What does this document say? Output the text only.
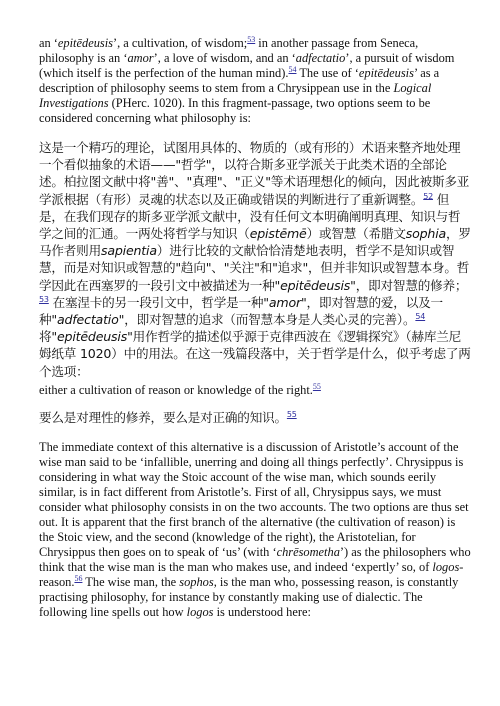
an ‘epitēdeusis’, a cultivation, of wisdom;$^{53}$ in another passage from Seneca, philosophy is an ‘amor’, a love of wisdom, and an ‘adfectatio’, a pursuit of wisdom (which itself is the perfection of the human mind).$^{54}$ The use of ‘epitēdeusis’ as a description of philosophy seems to stem from a Chrysippean use in the Logical Investigations (PHerc. 1020). In this fragment-passage, two options seem to be considered concerning what philosophy is:
这是一个精巧的理论，试图用具体的、物质的（或有形的）术语来整齐地处理一个看似抽象的术语——"哲学"，以符合斯多亚学派关于此类术语的全部论述。柏拉图文献中将"善"、"真理"、"正义"等术语理想化的倾向，因此被斯多亚学派根据（有形）灵魂的状态以及正确或错误的判断进行了重新调整。$^{52}$ 但是，在我们现存的斯多亚学派文献中，没有任何文本明确阐明真理、知识与哲学之间的汇通。一两处将哲学与知识（epistēmē）或智慧（希腊文sophia，罗马作者则用sapientia）进行比较的文献恰恰清楚地表明，哲学不是知识或智慧，而是对知识或智慧的"趋向"、"关注"和"追求"，但并非知识或智慧本身。哲学因此在西塞罗的一段引文中被描述为一种"epitēdeusis"，即对智慧的修养；$^{53}$ 在塞涅卡的另一段引文中，哲学是一种"amor"，即对智慧的爱，以及一种"adfectatio"，即对智慧的追求（而智慧本身是人类心灵的完善）。$^{54}$ 将"epitēdeusis"用作哲学的描述似乎源于克律西波在《逻辑探究》（赫库兰尼姆纸草 1020）中的用法。在这一残篇段落中，关于哲学是什么，似乎考虑了两个选项：
either a cultivation of reason or knowledge of the right.$^{55}$
要么是对理性的修养，要么是对正确的知识。$^{55}$
The immediate context of this alternative is a discussion of Aristotle’s account of the wise man said to be ‘infallible, unerring and doing all things perfectly’. Chrysippus is considering in what way the Stoic account of the wise man, which sounds eerily similar, is in fact different from Aristotle’s. First of all, Chrysippus says, we must consider what philosophy consists in on the two accounts. The two options are thus set out. It is apparent that the first branch of the alternative (the cultivation of reason) is the Stoic view, and the second (knowledge of the right), the Aristotelian, for Chrysippus then goes on to speak of ‘us’ (with ‘chrēsometha’) as the philosophers who think that the wise man is the man who makes use, and indeed ‘expertly’ so, of logos-reason.$^{56}$ The wise man, the sophos, is the man who, possessing reason, is constantly practising philosophy, for instance by constantly making use of dialectic. The following line spells out how logos is understood here:
